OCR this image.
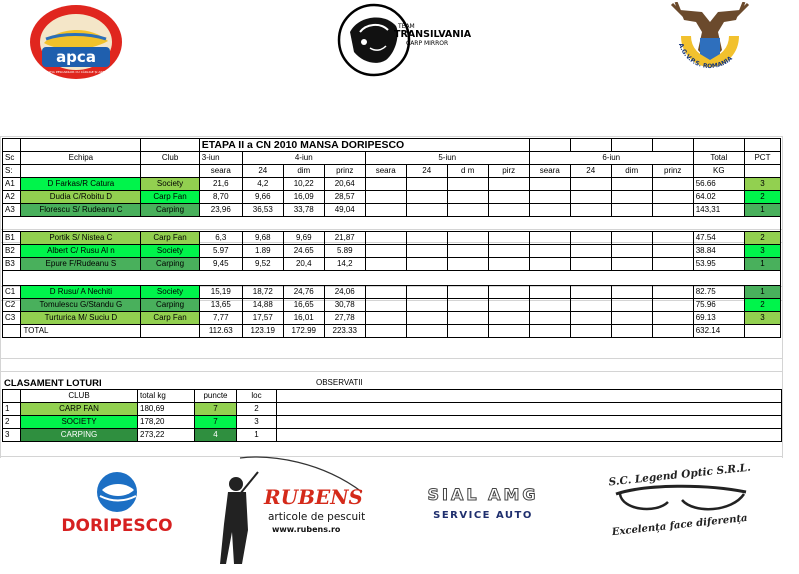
apca
ASOCIAȚIA PESCARILOR CU CÂRLIGE ȘI ARTICOLE
TEAM
TRANSILVANIA
CARP MIRROR	A.G.V.P.S. ROMANIA
			ETAPA II a CN 2010 MANSA DORIPESCO													
Sc	Echipa	Club	3-iun	4-iun			5-iun				6-iun				Total	PCT
S:			seara	24	dim	prinz	seara	24	d m	pirz	seara	24	dim	prinz	KG	
A1	D Farkas/R Catura	Society	21,6	4,2	10,22	20,64									56.66	3
A2	Dudia C/Robitu D	Carp Fan	8,70	9,66	16,09	28,57									64.02	2
A3	Florescu S/ Rudeanu C	Carping	23,96	36,53	33,78	49,04									143,31	1

B1	Portik S/ Nistea C	Carp Fan	6,3	9,68	9,69	21,87									47.54	2
B2	Albert C/ Rusu Al n	Society	5.97	1.89	24.65	5.89									38.84	3
B3	Epure F/Rudeanu S	Carping	9,45	9,52	20,4	14,2									53.95	1

C1	D Rusu/ A Nechiti	Society	15,19	18,72	24,76	24,06									82.75	1
C2	Tomulescu G/Standu G	Carping	13,65	14,88	16,65	30,78									75.96	2
C3	Turturica M/ Suciu D	Carp Fan	7,77	17,57	16,01	27,78									69.13	3
	TOTAL		112.63	123.19	172.99	223.33									632.14	
CLASAMENT LOTURI	OBSERVATII
	CLUB	total kg	puncte	loc	
1	CARP FAN	180,69	7	2	
2	SOCIETY	178,20	7	3	
3	CARPING	273,22	4	1	
DORIPESCO
RUBENS
articole de pescuit
www.rubens.ro
SIAL AMG
SERVICE AUTO
S.C. Legend Optic S.R.L.
Excelența face diferența
